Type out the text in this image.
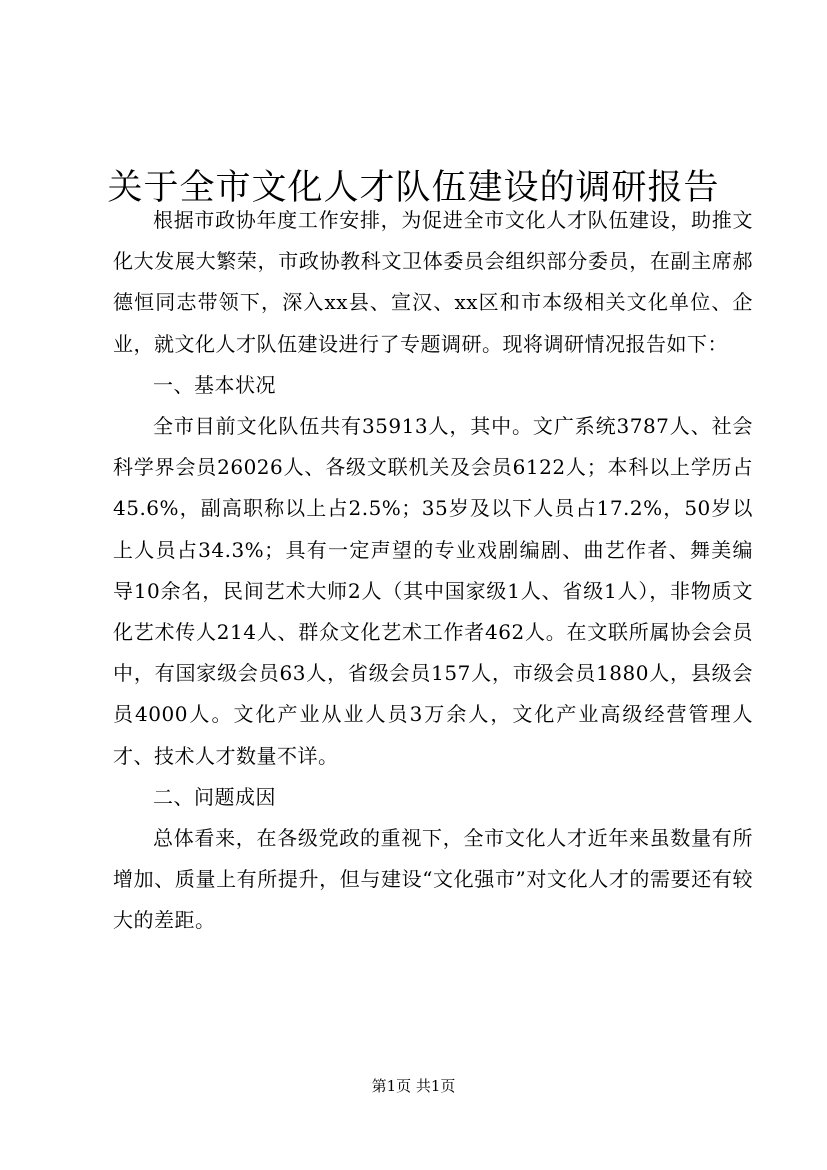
关于全市文化人才队伍建设的调研报告

根据市政协年度工作安排，为促进全市文化人才队伍建设，助推文化大发展大繁荣，市政协教科文卫体委员会组织部分委员，在副主席郝德恒同志带领下，深入xx县、宣汉、xx区和市本级相关文化单位、企业，就文化人才队伍建设进行了专题调研。现将调研情况报告如下：

一、基本状况

全市目前文化队伍共有35913人，其中。文广系统3787人、社会科学界会员26026人、各级文联机关及会员6122人；本科以上学历占45.6%，副高职称以上占2.5%；35岁及以下人员占17.2%，50岁以上人员占34.3%；具有一定声望的专业戏剧编剧、曲艺作者、舞美编导10余名，民间艺术大师2人（其中国家级1人、省级1人），非物质文化艺术传人214人、群众文化艺术工作者462人。在文联所属协会会员中，有国家级会员63人，省级会员157人，市级会员1880人，县级会员4000人。文化产业从业人员3万余人，文化产业高级经营管理人才、技术人才数量不详。

二、问题成因

总体看来，在各级党政的重视下，全市文化人才近年来虽数量有所增加、质量上有所提升，但与建设“文化强市”对文化人才的需要还有较大的差距。

第1页 共1页
